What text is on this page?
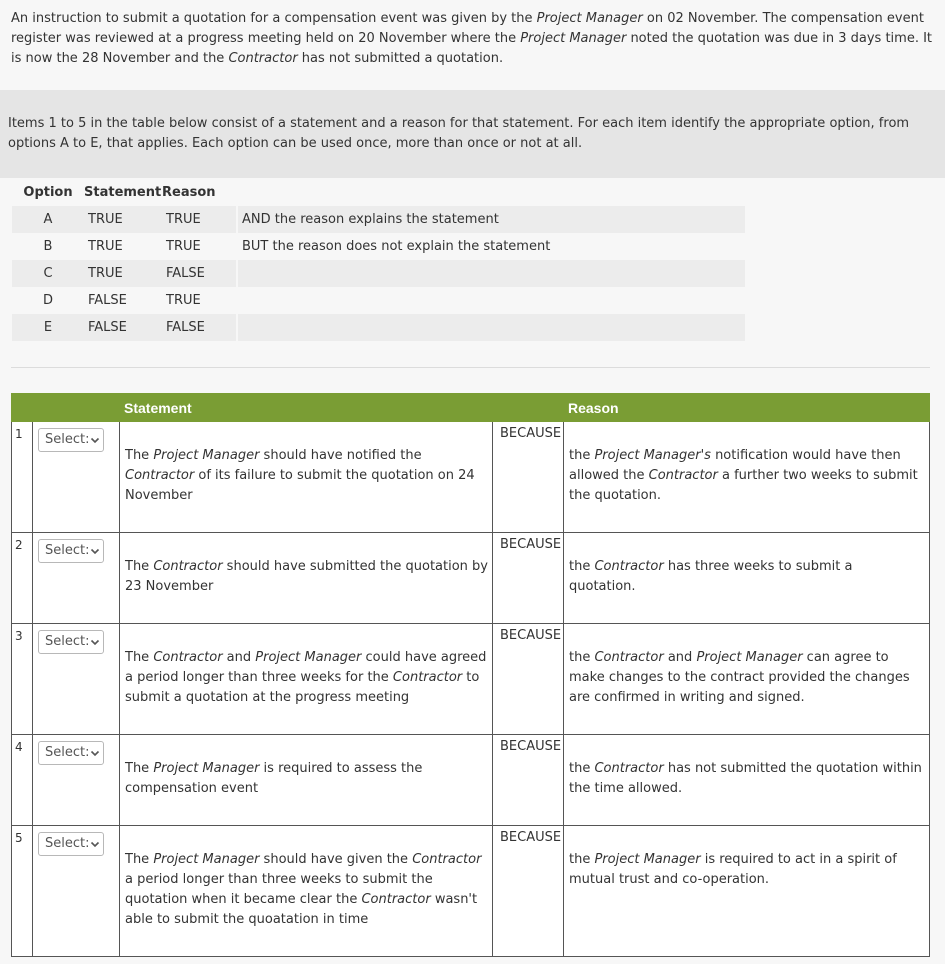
An instruction to submit a quotation for a compensation event was given by the Project Manager on 02 November. The compensation event register was reviewed at a progress meeting held on 20 November where the Project Manager noted the quotation was due in 3 days time. It is now the 28 November and the Contractor has not submitted a quotation.
Items 1 to 5 in the table below consist of a statement and a reason for that statement. For each item identify the appropriate option, from options A to E, that applies. Each option can be used once, more than once or not at all.
Option	Statement	Reason	
A	TRUE	TRUE	AND the reason explains the statement
B	TRUE	TRUE	BUT the reason does not explain the statement
C	TRUE	FALSE	
D	FALSE	TRUE	
E	FALSE	FALSE	
		Statement		Reason
1	Select:	The Project Manager should have notified the Contractor of its failure to submit the quotation on 24 November	BECAUSE	the Project Manager's notification would have then allowed the Contractor a further two weeks to submit the quotation.
2	Select:	The Contractor should have submitted the quotation by 23 November	BECAUSE	the Contractor has three weeks to submit a quotation.
3	Select:	The Contractor and Project Manager could have agreed a period longer than three weeks for the Contractor to submit a quotation at the progress meeting	BECAUSE	the Contractor and Project Manager can agree to make changes to the contract provided the changes are confirmed in writing and signed.
4	Select:	The Project Manager is required to assess the compensation event	BECAUSE	the Contractor has not submitted the quotation within the time allowed.
5	Select:	The Project Manager should have given the Contractor a period longer than three weeks to submit the quotation when it became clear the Contractor wasn't able to submit the quoatation in time	BECAUSE	the Project Manager is required to act in a spirit of mutual trust and co-operation.
